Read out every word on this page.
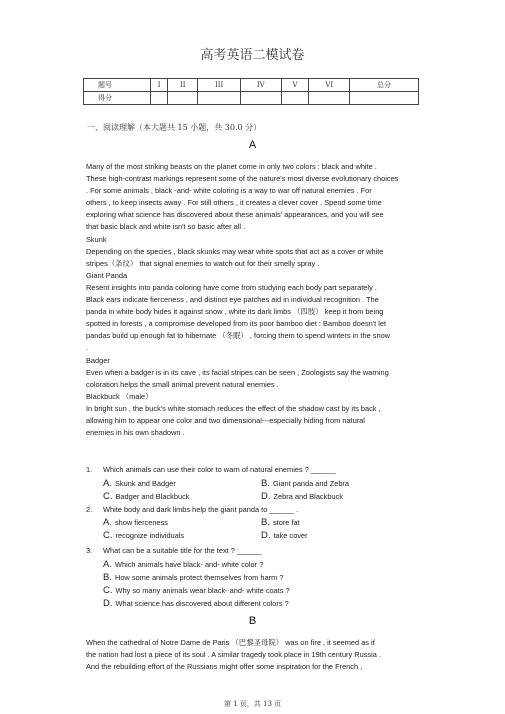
高考英语二模试卷
题号	I	II	III	IV	V	VI	总分
得分							
一、阅读理解（本大题共 15 小题，共 30.0 分）
A

Many of the most striking beasts on the planet come in only two colors : black and white .

These high-contrast markings represent some of the nature's most diverse evolutionary choices

. For some animals , black -and- white coloring is a way to war off natural enemies . For

others , to keep insects away . For still others , it creates a clever cover . Spend some time

exploring what science has discovered about these animals' appearances, and you will see

that basic black and white isn't so basic after all .

Skunk

Depending on the species , black skunks may wear white spots that act as a cover or white

stripes（条纹） that signal enemies to watch out for their smelly spray .

Giant Panda

Resent insights into panda coloring have come from studying each body part separately .

Black ears indicate fierceness , and distinct eye patches aid in individual recognition . The

panda in white body hides it against snow , white its dark limbs （四肢） keep it from being

spotted in forests , a compromise developed from its poor bamboo diet : Bamboo doesn't let

pandas build up enough fat to hibernate （冬眠） , forcing them to spend winters in the snow

.

Badger

Even when a badger is in its cave , its facial stripes can be seen , Zoologists say the warning

coloration helps the small animal prevent natural enemies .

Blackbuck （male）

In bright sun , the buck's white stomach reduces the effect of the shadow cast by its back ,

allowing him to appear one color and two dimensional---especially hiding from natural

enemies in his own shadown .

1. Which animals can use their color to warn of natural enemies ? ______
A. Skunk and Badger	B. Giant panda and Zebra
C. Badger and Blackbuck	D. Zebra and Blackbuck
2. White body and dark limbs help the giant panda to ______ .
A. show fierceness	B. store fat
C. recognize individuals	D. take cover
3. What can be a suitable title for the text ? ______
A. Which animals have black- and- white color ?
B. How some animals protect themselves from harm ?
C. Why so many animals wear black- and- white coats ?
D. What science has discovered about different colors ?
B

When the cathedral of Notre Dame de Paris （巴黎圣母院） was on fire , it seemed as if

the nation had lost a piece of its soul . A similar tragedy took place in 19th century Russia .

And the rebuilding effort of the Russians might offer some inspiration for the French ,

第 1 页，共 13 页
